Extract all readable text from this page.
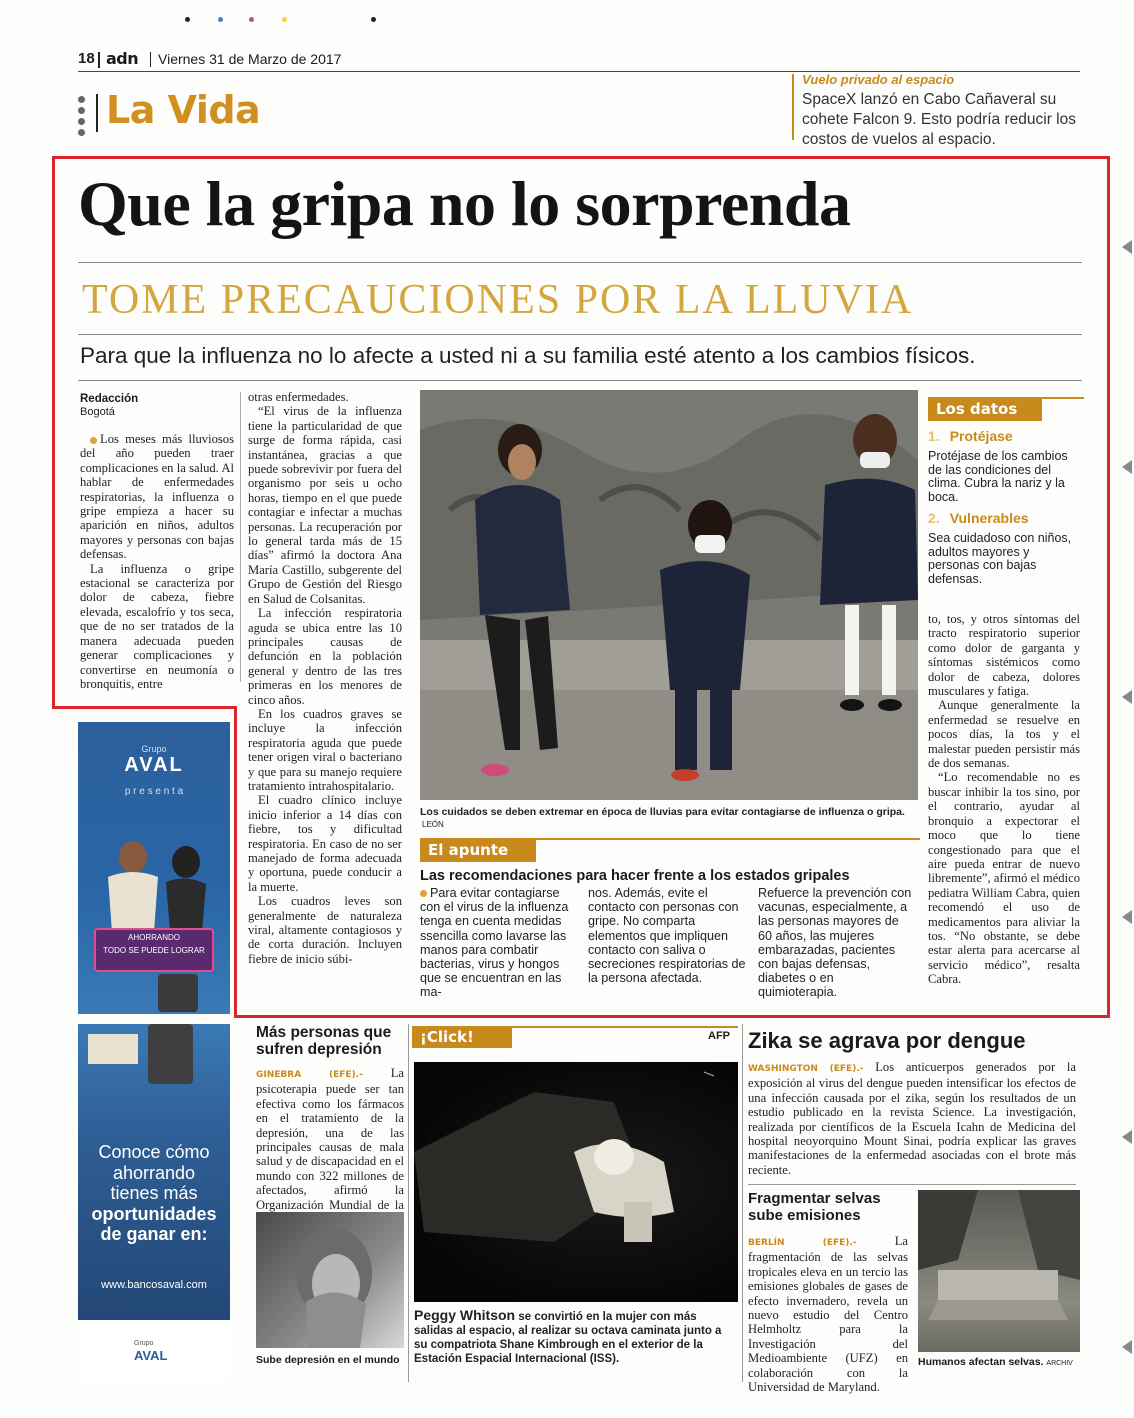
18 adn Viernes 31 de Marzo de 2017
La Vida
Vuelo privado al espacio
SpaceX lanzó en Cabo Cañaveral su cohete Falcon 9. Esto podría reducir los costos de vuelos al espacio.
Que la gripa no lo sorprenda
TOME PRECAUCIONES POR LA LLUVIA
Para que la influenza no lo afecte a usted ni a su familia esté atento a los cambios físicos.
Redacción
Bogotá

Los meses más lluviosos del año pueden traer complicaciones en la salud. Al hablar de enfermedades respiratorias, la influenza o gripe empieza a hacer su aparición en niños, adultos mayores y personas con bajas defensas.

La influenza o gripe estacional se caracteriza por dolor de cabeza, fiebre elevada, escalofrío y tos seca, que de no ser tratados de la manera adecuada pueden generar complicaciones y convertirse en neumonía o bronquitis, entre

otras enfermedades.

“El virus de la influenza tiene la particularidad de que surge de forma rápida, casi instantánea, gracias a que puede sobrevivir por fuera del organismo por seis u ocho horas, tiempo en el que puede contagiar e infectar a muchas personas. La recuperación por lo general tarda más de 15 días” afirmó la doctora Ana María Castillo, subgerente del Grupo de Gestión del Riesgo en Salud de Colsanitas.

La infección respiratoria aguda se ubica entre las 10 principales causas de defunción en la población general y dentro de las tres primeras en los menores de cinco años.

En los cuadros graves se incluye la infección respiratoria aguda que puede tener origen viral o bacteriano y que para su manejo requiere tratamiento intrahospitalario.

El cuadro clínico incluye inicio inferior a 14 días con fiebre, tos y dificultad respiratoria. En caso de no ser manejado de forma adecuada y oportuna, puede conducir a la muerte.

Los cuadros leves son generalmente de naturaleza viral, altamente contagiosos y de corta duración. Incluyen fiebre de inicio súbi-

Los cuidados se deben extremar en época de lluvias para evitar contagiarse de influenza o gripa. LEÓN
Los datos
1. Protéjase
Protéjase de los cambios de las condiciones del clima. Cubra la nariz y la boca.
2. Vulnerables
Sea cuidadoso con niños, adultos mayores y personas con bajas defensas.

to, tos, y otros síntomas del tracto respiratorio superior como dolor de garganta y síntomas sistémicos como dolor de cabeza, dolores musculares y fatiga.

Aunque generalmente la enfermedad se resuelve en pocos días, la tos y el malestar pueden persistir más de dos semanas.

“Lo recomendable no es buscar inhibir la tos sino, por el contrario, ayudar al bronquio a expectorar el moco que lo tiene congestionado para que el aire pueda entrar de nuevo libremente”, afirmó el médico pediatra William Cabra, quien recomendó el uso de medicamentos para aliviar la tos. “No obstante, se debe estar alerta para acercarse al servicio médico”, resalta Cabra.

El apunte
Las recomendaciones para hacer frente a los estados gripales
Para evitar contagiarse con el virus de la influenza tenga en cuenta medidas ssencilla como lavarse las manos para combatir bacterias, virus y hongos que se encuentran en las ma-
nos. Además, evite el contacto con personas con gripe. No comparta elementos que impliquen contacto con saliva o secreciones respiratorias de la persona afectada.
Refuerce la prevención con vacunas, especialmente, a las personas mayores de 60 años, las mujeres embarazadas, pacientes con bajas defensas, diabetes o en quimioterapia.
Grupo
AVAL
p r e s e n t a
AHORRANDO
TODO SE PUEDE LOGRAR
Conoce cómo
ahorrando
tienes más
oportunidades
de ganar en:
www.bancosaval.com
Grupo
AVAL
Más personas que sufren depresión
GINEBRA (EFE).- La psicoterapia puede ser tan efectiva como los fármacos en el tratamiento de la depresión, una de las principales causas de mala salud y de discapacidad en el mundo con 322 millones de afectados, afirmó la Organización Mundial de la
Sube depresión en el mundo
¡Click!	AFP
Peggy Whitson se convirtió en la mujer con más salidas al espacio, al realizar su octava caminata junto a su compatriota Shane Kimbrough en el exterior de la Estación Espacial Internacional (ISS).
Zika se agrava por dengue
WASHINGTON (EFE).- Los anticuerpos generados por la exposición al virus del dengue pueden intensificar los efectos de una infección causada por el zika, según los resultados de un estudio publicado en la revista Science. La investigación, realizada por científicos de la Escuela Icahn de Medicina del hospital neoyorquino Mount Sinai, podría explicar las graves manifestaciones de la enfermedad asociadas con el brote más reciente.
Fragmentar selvas sube emisiones
BERLÍN (EFE).-	La fragmentación de las selvas tropicales eleva en un tercio las emisiones globales de gases de efecto invernadero, revela un nuevo estudio del Centro Helmholtz para la Investigación del Medioambiente (UFZ) en colaboración con la Universidad de Maryland.
Humanos afectan selvas. ARCHIV
